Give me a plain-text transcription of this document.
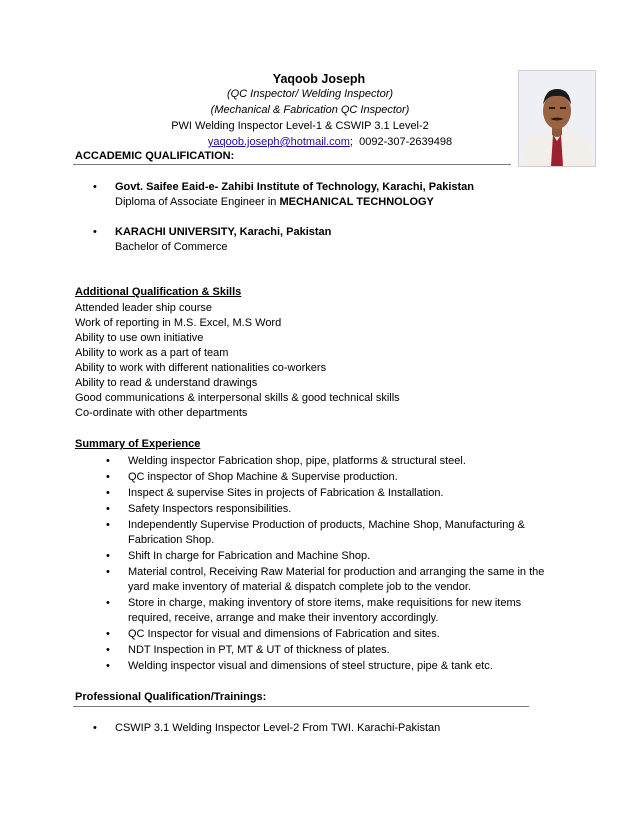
Yaqoob Joseph
(QC Inspector/ Welding Inspector)
(Mechanical & Fabrication QC Inspector)
PWI Welding Inspector Level-1 & CSWIP 3.1 Level-2
yaqoob.joseph@hotmail.com; 0092-307-2639498
ACCADEMIC QUALIFICATION:
• Govt. Saifee Eaid-e- Zahibi Institute of Technology, Karachi, Pakistan
Diploma of Associate Engineer in MECHANICAL TECHNOLOGY
• KARACHI UNIVERSITY, Karachi, Pakistan
Bachelor of Commerce
Additional Qualification & Skills
Attended leader ship course
Work of reporting in M.S. Excel, M.S Word
Ability to use own initiative
Ability to work as a part of team
Ability to work with different nationalities co-workers
Ability to read & understand drawings
Good communications & interpersonal skills & good technical skills
Co-ordinate with other departments
Summary of Experience
• Welding inspector Fabrication shop, pipe, platforms & structural steel.
• QC inspector of Shop Machine & Supervise production.
• Inspect & supervise Sites in projects of Fabrication & Installation.
• Safety Inspectors responsibilities.
• Independently Supervise Production of products, Machine Shop, Manufacturing & Fabrication Shop.
• Shift In charge for Fabrication and Machine Shop.
• Material control, Receiving Raw Material for production and arranging the same in the yard make inventory of material & dispatch complete job to the vendor.
• Store in charge, making inventory of store items, make requisitions for new items required, receive, arrange and make their inventory accordingly.
• QC Inspector for visual and dimensions of Fabrication and sites.
• NDT Inspection in PT, MT & UT of thickness of plates.
• Welding inspector visual and dimensions of steel structure, pipe & tank etc.
Professional Qualification/Trainings:
• CSWIP 3.1 Welding Inspector Level-2 From TWI. Karachi-Pakistan
